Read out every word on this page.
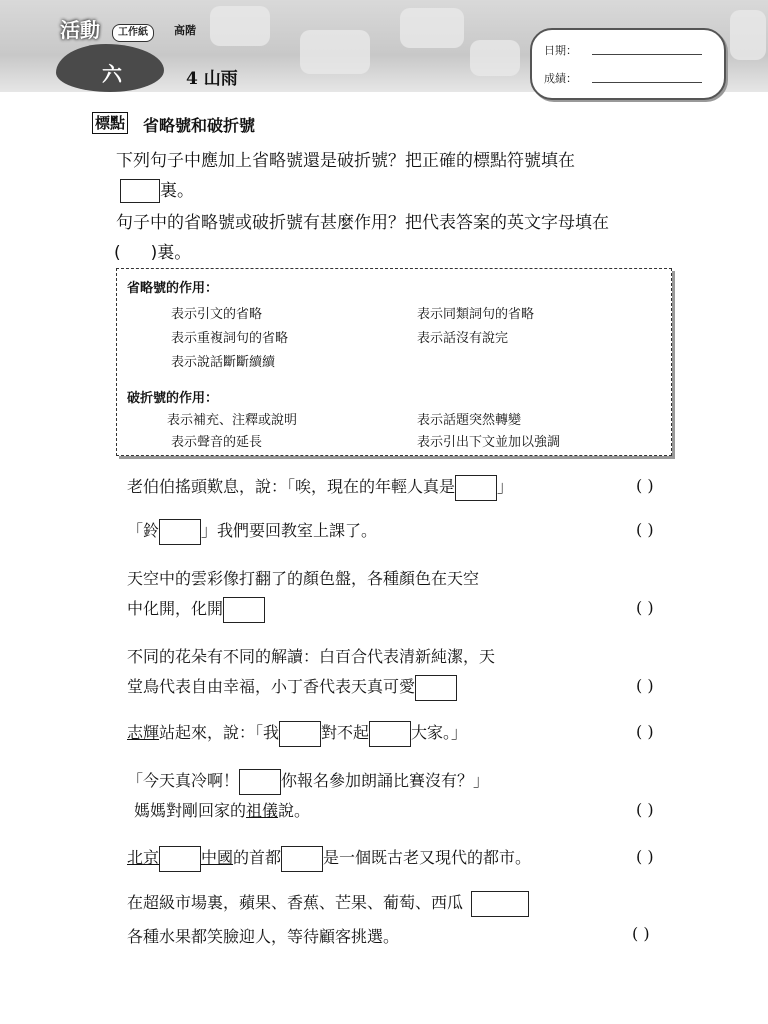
活動	工作紙	高階
六	4 山雨
日期：
成績：
標點 省略號和破折號
下列句子中應加上省略號還是破折號？把正確的標點符號填在
裏。
句子中的省略號或破折號有甚麼作用？把代表答案的英文字母填在
( )裏。
省略號的作用：
表示引文的省略	表示同類詞句的省略
表示重複詞句的省略	表示話沒有說完
表示說話斷斷續續
破折號的作用：
表示補充、注釋或說明	表示話題突然轉變
表示聲音的延長	表示引出下文並加以強調
老伯伯搖頭歎息，說：「唉，現在的年輕人真是	」	( )
「鈴	」我們要回教室上課了。	( )
天空中的雲彩像打翻了的顏色盤，各種顏色在天空
中化開，化開	( )
不同的花朵有不同的解讀：白百合代表清新純潔，天
堂鳥代表自由幸福，小丁香代表天真可愛	( )
志輝站起來，說：「我	對不起	大家。」	( )
「今天真冷啊！	你報名參加朗誦比賽沒有？」
媽媽對剛回家的祖儀說。	( )
北京	中國的首都	是一個既古老又現代的都市。	( )
在超級市場裏，蘋果、香蕉、芒果、葡萄、西瓜
各種水果都笑臉迎人，等待顧客挑選。	( )
